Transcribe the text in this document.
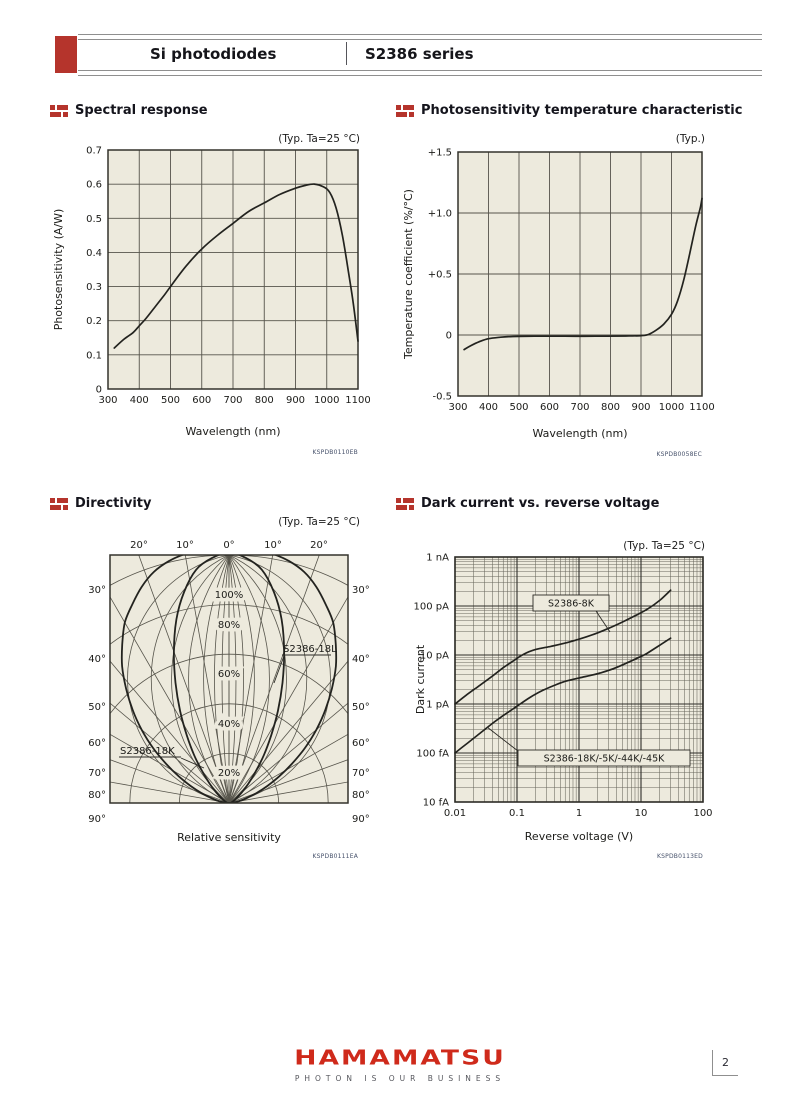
Si photodiodes	S2386 series
Spectral response	Photosensitivity temperature characteristic
Directivity	Dark current vs. reverse voltage
(Typ. Ta=25 °C)	(Typ.)
(Typ. Ta=25 °C)
(Typ. Ta=25 °C)
300 400 500 600 700 800 900 1000 1100
0
0.1
0.2
0.3
0.4
0.5
0.6
0.7
Wavelength (nm)
Photosensitivity (A/W)
300 400 500 600 700 800 900 1000 1100
+1.5
+1.0
+0.5
0
-0.5
Wavelength (nm)
Temperature coefficient (%/°C)
20°	10°	0°	10°	20°
30°	30°
40°	40°
50°	50°
60°	60°
70°	70°
80°	80°
90°	90°
100%
80%
60%
40%
20%
S2386-18L
S2386-18K
Relative sensitivity
S2386-8K
S2386-18K/-5K/-44K/-45K
0.01	0.1	1	10	100
1 nA
100 pA
10 pA
1 pA
100 fA
10 fA
Reverse voltage (V)
Dark current
KSPDB0110EB	KSPDB0058EC
KSPDB0111EA	KSPDB0113ED
HAMAMATSU
PHOTON IS OUR BUSINESS
2
